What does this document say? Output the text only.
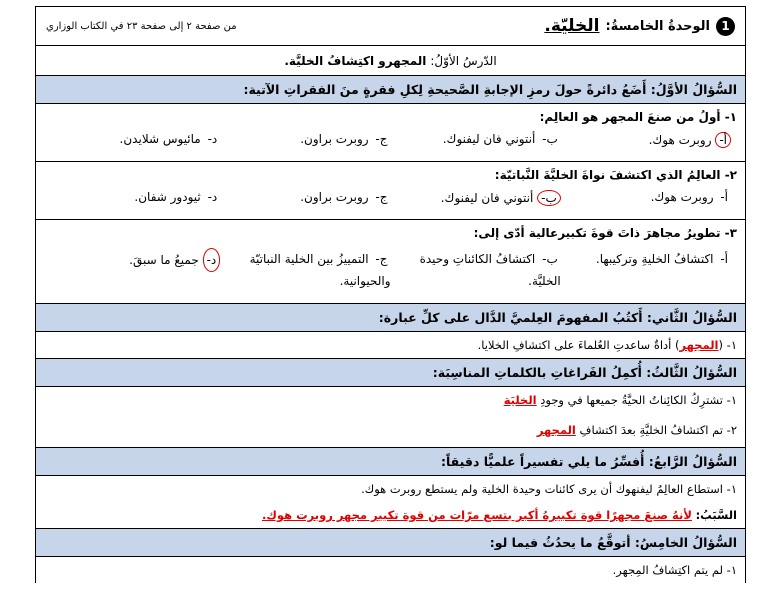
1
الوحدةُ الخامسةُ:
الخليّة.
من صفحة ٢ إلى صفحة ٢٣ في الكتاب الوزاري
الدّرسُ الأوّلُ:
المجهرو اكتِشافُ الخليَّة.
السُّؤالُ الأوَّلُ: أَضَعُ دائرةً حولَ رمزِ الإجابةِ الصَّحيحةِ لِكلِ فقرةٍ منَ الفقراتِ الآتية:
١- أولُ من صنعَ المجهر هو العالِم:
أ- روبرت هوك.
ب- أنتوني فان ليفنوك.
ج- روبرت براون.
د- مائيوس شلايدن.
٢- العالِمُ الذي اكتشفَ نواةَ الخليَّةَ النَّباتيّة:
أ- روبرت هوك.
ب- أنتوني فان ليفنوك.
ج- روبرت براون.
د- ثيودور شفان.
٣- تطويرُ مجاهرَ ذاتَ قوةَ تكبيرعالية أدّى إلى:
أ- اكتشافُ الخليةِ وتركيبها.
ب- اكتشافُ الكائناتِ وحيدة الخليَّة.
ج- التمييزُ بين الخلية النباتيّة والحيوانية.
د- جميعُ ما سبقَ.
السُّؤالُ الثَّاني: أَكتُبُ المفهومَ العِلميَّ الدَّال على كلِّ عبارة:
١- (المجهر) أداةٌ ساعدتِ العُلماءَ على اكتشافِ الخلايا.
السُّؤالُ الثَّالثُ: أُكمِلُ الفَراغاتِ بالكلماتِ المناسِبَة:
١- تشترِكُ الكائِناتُ الحيَّةُ جميعها في وجودِ الخليَة
٢- تم اكتشافُ الخليَّةِ بعدَ اكتشافِ المجهر
السُّؤالُ الرَّابعُ: أُفسِّرُ ما يلي تفسيراً علميًّا دقيقاً:
١- استطاع العالِمُ ليفنهوك أن يرى كائنات وحيدة الخلية ولم يستطع روبرت هوك.
السَّبَبُ: لأنهُ صنعَ مجهرًا قوة تكبيرهُ أكبر بتسع مرّات من قوة تكبير مجهر روبرت هوك.
السُّؤالُ الخامِسُ: أتوقَّعُ ما يحدُثُ فيما لو:
١- لم يتم اكتِشافُ المِجهر.
